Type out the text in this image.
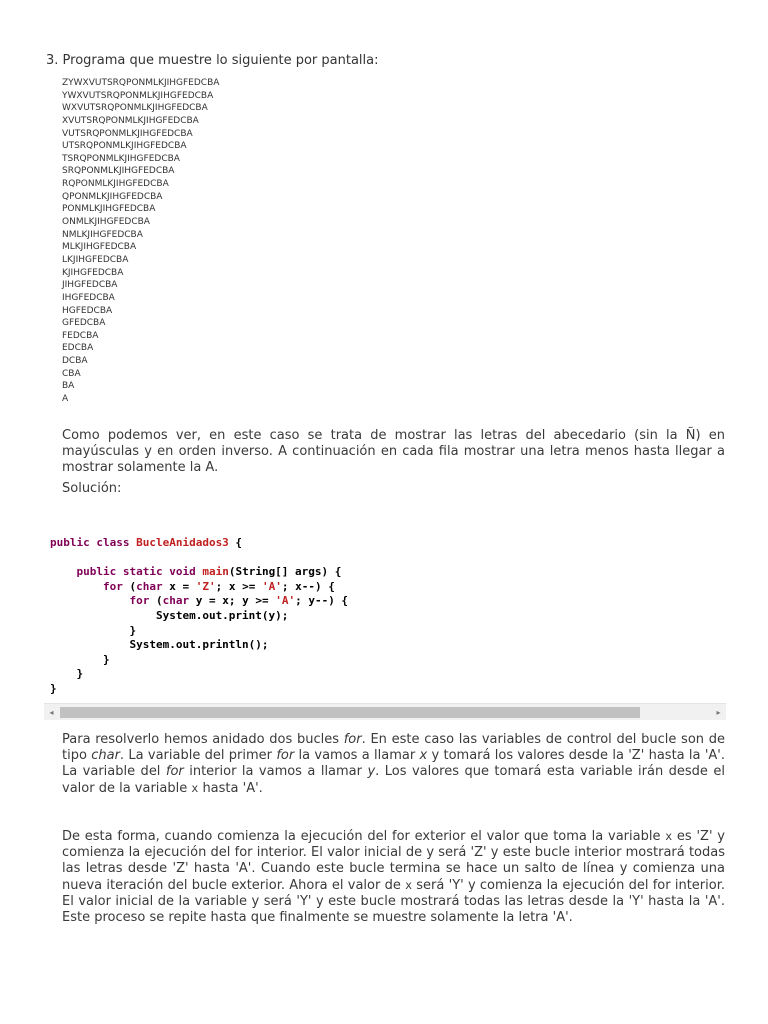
3. Programa que muestre lo siguiente por pantalla:
ZYWXVUTSRQPONMLKJIHGFEDCBA
YWXVUTSRQPONMLKJIHGFEDCBA
WXVUTSRQPONMLKJIHGFEDCBA
XVUTSRQPONMLKJIHGFEDCBA
VUTSRQPONMLKJIHGFEDCBA
UTSRQPONMLKJIHGFEDCBA
TSRQPONMLKJIHGFEDCBA
SRQPONMLKJIHGFEDCBA
RQPONMLKJIHGFEDCBA
QPONMLKJIHGFEDCBA
PONMLKJIHGFEDCBA
ONMLKJIHGFEDCBA
NMLKJIHGFEDCBA
MLKJIHGFEDCBA
LKJIHGFEDCBA
KJIHGFEDCBA
JIHGFEDCBA
IHGFEDCBA
HGFEDCBA
GFEDCBA
FEDCBA
EDCBA
DCBA
CBA
BA
A

Como podemos ver, en este caso se trata de mostrar las letras del abecedario (sin la Ñ) en mayúsculas y en orden inverso. A continuación en cada fila mostrar una letra menos hasta llegar a mostrar solamente la A.

Solución:

public class BucleAnidados3 {
public static void main(String[] args) {
for (char x = 'Z'; x >= 'A'; x--) {
for (char y = x; y >= 'A'; y--) {
System.out.print(y);
}
System.out.println();
}
}
}
◂	▸

Para resolverlo hemos anidado dos bucles for. En este caso las variables de control del bucle son de tipo char. La variable del primer for la vamos a llamar x y tomará los valores desde la 'Z' hasta la 'A'. La variable del for interior la vamos a llamar y. Los valores que tomará esta variable irán desde el valor de la variable x hasta 'A'.

De esta forma, cuando comienza la ejecución del for exterior el valor que toma la variable x es 'Z' y comienza la ejecución del for interior. El valor inicial de y será 'Z' y este bucle interior mostrará todas las letras desde 'Z' hasta 'A'. Cuando este bucle termina se hace un salto de línea y comienza una nueva iteración del bucle exterior. Ahora el valor de x será 'Y' y comienza la ejecución del for interior. El valor inicial de la variable y será 'Y' y este bucle mostrará todas las letras desde la 'Y' hasta la 'A'. Este proceso se repite hasta que finalmente se muestre solamente la letra 'A'.
